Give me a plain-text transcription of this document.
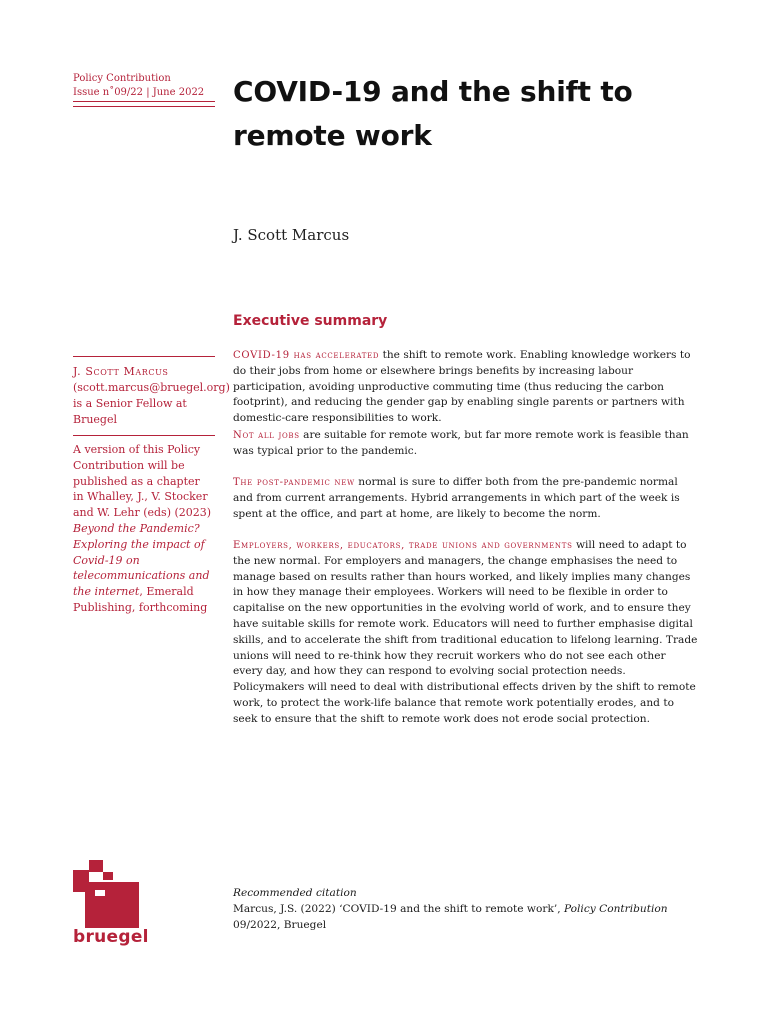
Policy Contribution
Issue n˚09/22 | June 2022	COVID-19 and the shift to remote work
J. Scott Marcus
Executive summary
J. Scott Marcus (scott.marcus@bruegel.org) is a Senior Fellow at Bruegel
A version of this Policy Contribution will be published as a chapter in Whalley, J., V. Stocker and W. Lehr (eds) (2023) Beyond the Pandemic? Exploring the impact of Covid-19 on telecommunications and the internet, Emerald Publishing, forthcoming

COVID-19 has accelerated the shift to remote work. Enabling knowledge workers to do their jobs from home or elsewhere brings benefits by increasing labour participation, avoiding unproductive commuting time (thus reducing the carbon footprint), and reducing the gender gap by enabling single parents or partners with domestic-care responsibilities to work.

Not all jobs are suitable for remote work, but far more remote work is feasible than was typical prior to the pandemic.

The post-pandemic new normal is sure to differ both from the pre-pandemic normal and from current arrangements. Hybrid arrangements in which part of the week is spent at the office, and part at home, are likely to become the norm.

Employers, workers, educators, trade unions and governments will need to adapt to the new normal. For employers and managers, the change emphasises the need to manage based on results rather than hours worked, and likely implies many changes in how they manage their employees. Workers will need to be flexible in order to capitalise on the new opportunities in the evolving world of work, and to ensure they have suitable skills for remote work. Educators will need to further emphasise digital skills, and to accelerate the shift from traditional education to lifelong learning. Trade unions will need to re-think how they recruit workers who do not see each other every day, and how they can respond to evolving social protection needs. Policymakers will need to deal with distributional effects driven by the shift to remote work, to protect the work-life balance that remote work potentially erodes, and to seek to ensure that the shift to remote work does not erode social protection.

bruegel
Recommended citation
Marcus, J.S. (2022) ‘COVID-19 and the shift to remote work’, Policy Contribution 09/2022, Bruegel
